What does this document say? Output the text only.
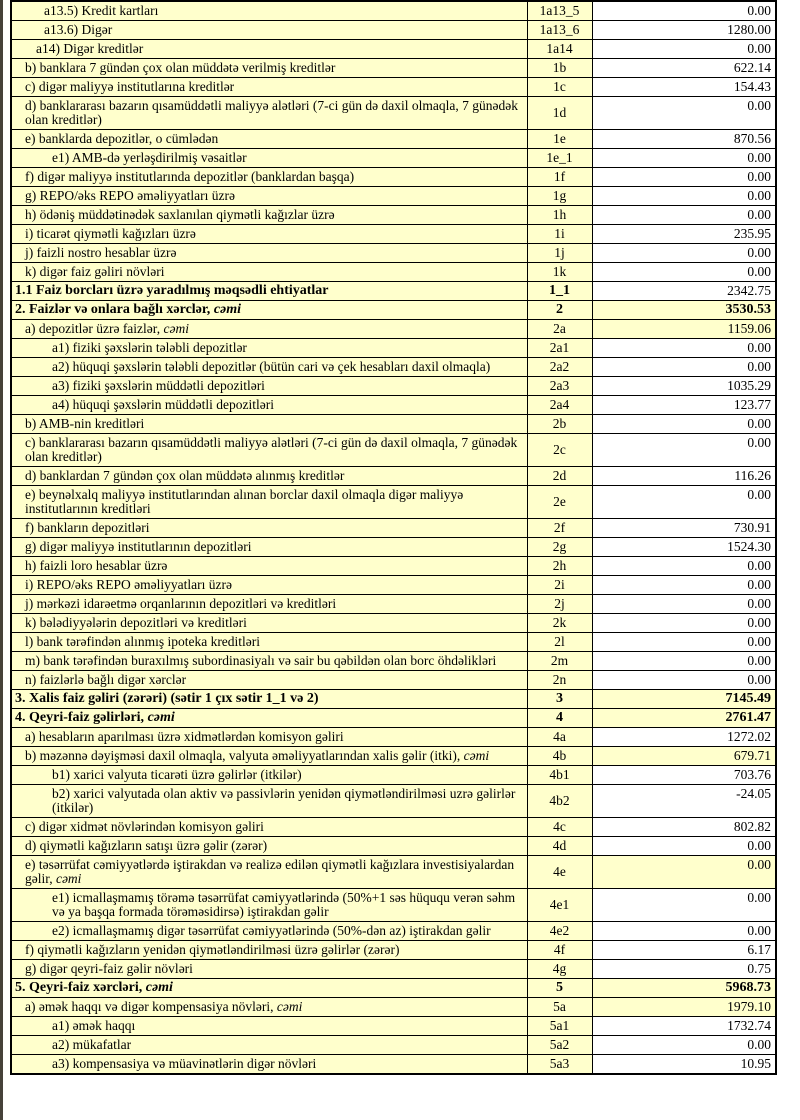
a13.5) Kredit kartları	1a13_5	0.00
a13.6) Digər	1a13_6	1280.00
a14) Digər kreditlər	1a14	0.00
b) banklara 7 gündən çox olan müddətə verilmiş kreditlər	1b	622.14
c) digər maliyyə institutlarına kreditlər	1c	154.43
d) banklararası bazarın qısamüddətli maliyyə alətləri (7-ci gün də daxil olmaqla, 7 günədək olan kreditlər)	1d	0.00
e) banklarda depozitlər, o cümlədən	1e	870.56
e1) AMB-də yerləşdirilmiş vəsaitlər	1e_1	0.00
f) digər maliyyə institutlarında depozitlər (banklardan başqa)	1f	0.00
g) REPO/əks REPO əməliyyatları üzrə	1g	0.00
h) ödəniş müddətinədək saxlanılan qiymətli kağızlar üzrə	1h	0.00
i) ticarət qiymətli kağızları üzrə	1i	235.95
j) faizli nostro hesablar üzrə	1j	0.00
k) digər faiz gəliri növləri	1k	0.00
1.1 Faiz borcları üzrə yaradılmış məqsədli ehtiyatlar	1_1	2342.75
2. Faizlər və onlara bağlı xərclər, cəmi	2	3530.53
a) depozitlər üzrə faizlər, cəmi	2a	1159.06
a1) fiziki şəxslərin tələbli depozitlər	2a1	0.00
a2) hüquqi şəxslərin tələbli depozitlər (bütün cari və çek hesabları daxil olmaqla)	2a2	0.00
a3) fiziki şəxslərin müddətli depozitləri	2a3	1035.29
a4) hüquqi şəxslərin müddətli depozitləri	2a4	123.77
b) AMB-nin kreditləri	2b	0.00
c) banklararası bazarın qısamüddətli maliyyə alətləri (7-ci gün də daxil olmaqla, 7 günədək olan kreditlər)	2c	0.00
d) banklardan 7 gündən çox olan müddətə alınmış kreditlər	2d	116.26
e) beynəlxalq maliyyə institutlarından alınan borclar daxil olmaqla digər maliyyə institutlarının kreditləri	2e	0.00
f) bankların depozitləri	2f	730.91
g) digər maliyyə institutlarının depozitləri	2g	1524.30
h) faizli loro hesablar üzrə	2h	0.00
i) REPO/əks REPO əməliyyatları üzrə	2i	0.00
j) mərkəzi idarəetmə orqanlarının depozitləri və kreditləri	2j	0.00
k) bələdiyyələrin depozitləri və kreditləri	2k	0.00
l) bank tərəfindən alınmış ipoteka kreditləri	2l	0.00
m) bank tərəfindən buraxılmış subordinasiyalı və sair bu qəbildən olan borc öhdəlikləri	2m	0.00
n) faizlərlə bağlı digər xərclər	2n	0.00
3. Xalis faiz gəliri (zərəri) (sətir 1 çıx sətir 1_1 və 2)	3	7145.49
4. Qeyri-faiz gəlirləri, cəmi	4	2761.47
a) hesabların aparılması üzrə xidmətlərdən komisyon gəliri	4a	1272.02
b) məzənnə dəyişməsi daxil olmaqla, valyuta əməliyyatlarından xalis gəlir (itki), cəmi	4b	679.71
b1) xarici valyuta ticarəti üzrə gəlirlər (itkilər)	4b1	703.76
b2) xarici valyutada olan aktiv və passivlərin yenidən qiymətləndirilməsi uzrə gəlirlər (itkilər)	4b2	-24.05
c) digər xidmət növlərindən komisyon gəliri	4c	802.82
d) qiymətli kağızların satışı üzrə gəlir (zərər)	4d	0.00
e) təsərrüfat cəmiyyətlərdə iştirakdan və realizə edilən qiymətli kağızlara investisiyalardan gəlir, cəmi	4e	0.00
e1) icmallaşmamış törəmə təsərrüfat cəmiyyətlərində (50%+1 səs hüququ verən səhm və ya başqa formada törəməsidirsə) iştirakdan gəlir	4e1	0.00
e2) icmallaşmamış digər təsərrüfat cəmiyyətlərində (50%-dən az) iştirakdan gəlir	4e2	0.00
f) qiymətli kağızların yenidən qiymətləndirilməsi üzrə gəlirlər (zərər)	4f	6.17
g) digər qeyri-faiz gəlir növləri	4g	0.75
5. Qeyri-faiz xərcləri, cəmi	5	5968.73
a) əmək haqqı və digər kompensasiya növləri, cəmi	5a	1979.10
a1) əmək haqqı	5a1	1732.74
a2) mükafatlar	5a2	0.00
a3) kompensasiya və müavinətlərin digər növləri	5a3	10.95
